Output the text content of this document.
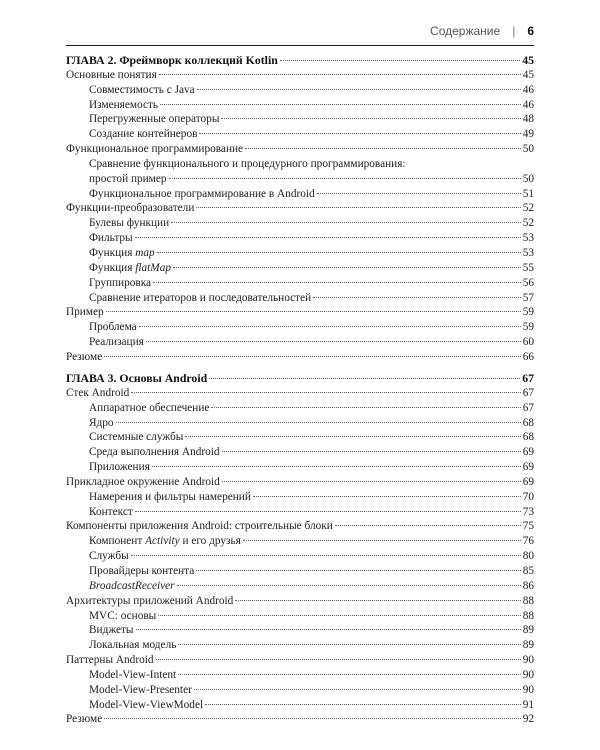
Содержание | 6
ГЛАВА 2. Фреймворк коллекций Kotlin	45
Основные понятия	45
Совместимость с Java	46
Изменяемость	46
Перегруженные операторы	48
Создание контейнеров	49
Функциональное программирование	50
Сравнение функционального и процедурного программирования:
простой пример	50
Функциональное программирование в Android	51
Функции-преобразователи	52
Булевы функции	52
Фильтры	53
Функция map	53
Функция flatMap	55
Группировка	56
Сравнение итераторов и последовательностей	57
Пример	59
Проблема	59
Реализация	60
Резюме	66
ГЛАВА 3. Основы Android	67
Стек Android	67
Аппаратное обеспечение	67
Ядро	68
Системные службы	68
Среда выполнения Android	69
Приложения	69
Прикладное окружение Android	69
Намерения и фильтры намерений	70
Контекст	73
Компоненты приложения Android: строительные блоки	75
Компонент Activity и его друзья	76
Службы	80
Провайдеры контента	85
BroadcastReceiver	86
Архитектуры приложений Android	88
MVC: основы	88
Виджеты	89
Локальная модель	89
Паттерны Android	90
Model-View-Intent	90
Model-View-Presenter	90
Model-View-ViewModel	91
Резюме	92
